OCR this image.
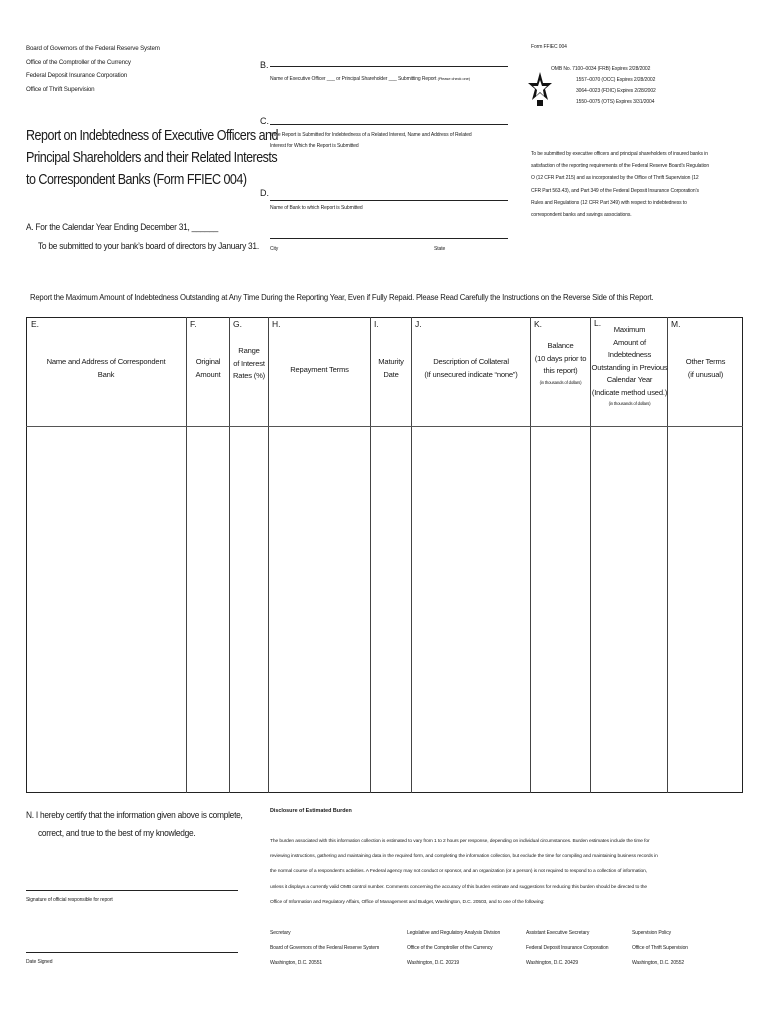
Board of Governors of the Federal Reserve System
Office of the Comptroller of the Currency
Federal Deposit Insurance Corporation
Office of Thrift Supervision
Report on Indebtedness of Executive Officers and
Principal Shareholders and their Related Interests
to Correspondent Banks (Form FFIEC 004)
A. For the Calendar Year Ending December 31, ______
To be submitted to your bank’s board of directors by January 31.
B.
Name of Executive Officer ___ or Principal Shareholder ___ Submitting Report (Please check one)
C.
If the Report is Submitted for Indebtedness of a Related Interest, Name and Address of Related
Interest for Which the Report is Submitted
D.
Name of Bank to which Report is Submitted
City	State
Form FFIEC 004
OMB No. 7100–0034 (FRB) Expires 2/28/2002
1557–0070 (OCC) Expires 2/28/2002
3064–0023 (FDIC) Expires 2/28/2002
1550–0075 (OTS) Expires 3/31/2004
To be submitted by executive officers and principal shareholders of insured banks in
satisfaction of the reporting requirements of the Federal Reserve Board’s Regulation
O (12 CFR Part 215) and as incorporated by the Office of Thrift Supervision (12
CFR Part 563.43), and Part 349 of the Federal Deposit Insurance Corporation’s
Rules and Regulations (12 CFR Part 349) with respect to indebtedness to
correspondent banks and savings associations.
Report the Maximum Amount of Indebtedness Outstanding at Any Time During the Reporting Year, Even if Fully Repaid. Please Read Carefully the Instructions on the Reverse Side of this Report.
E.
Name and Address of Correspondent
Bank
F.
Original
Amount
G.
Range
of Interest
Rates (%)
H.
Repayment Terms
I.
Maturity
Date
J.
Description of Collateral
(If unsecured indicate “none”)
K.
Balance
(10 days prior to
this report)
(in thousands of dollars)
L.
Maximum
Amount of Indebtedness
Outstanding in Previous
Calendar Year
(Indicate method used.)
(in thousands of dollars)
M.
Other Terms
(if unusual)
N. I hereby certify that the information given above is complete,
correct, and true to the best of my knowledge.
Signature of official responsible for report
Date Signed
Disclosure of Estimated Burden
The burden associated with this information collection is estimated to vary from 1 to 2 hours per response, depending on individual circumstances. Burden estimates include the time for
reviewing instructions, gathering and maintaining data in the required form, and completing the information collection, but exclude the time for compiling and maintaining business records in
the normal course of a respondent’s activities. A Federal agency may not conduct or sponsor, and an organization (or a person) is not required to respond to a collection of information,
unless it displays a currently valid OMB control number. Comments concerning the accuracy of this burden estimate and suggestions for reducing this burden should be directed to the
Office of Information and Regulatory Affairs, Office of Management and Budget, Washington, D.C. 20503, and to one of the following:
Secretary
Board of Governors of the Federal Reserve System
Washington, D.C. 20551
Legislative and Regulatory Analysis Division
Office of the Comptroller of the Currency
Washington, D.C. 20219
Assistant Executive Secretary
Federal Deposit Insurance Corporation
Washington, D.C. 20429
Supervision Policy
Office of Thrift Supervision
Washington, D.C. 20552
